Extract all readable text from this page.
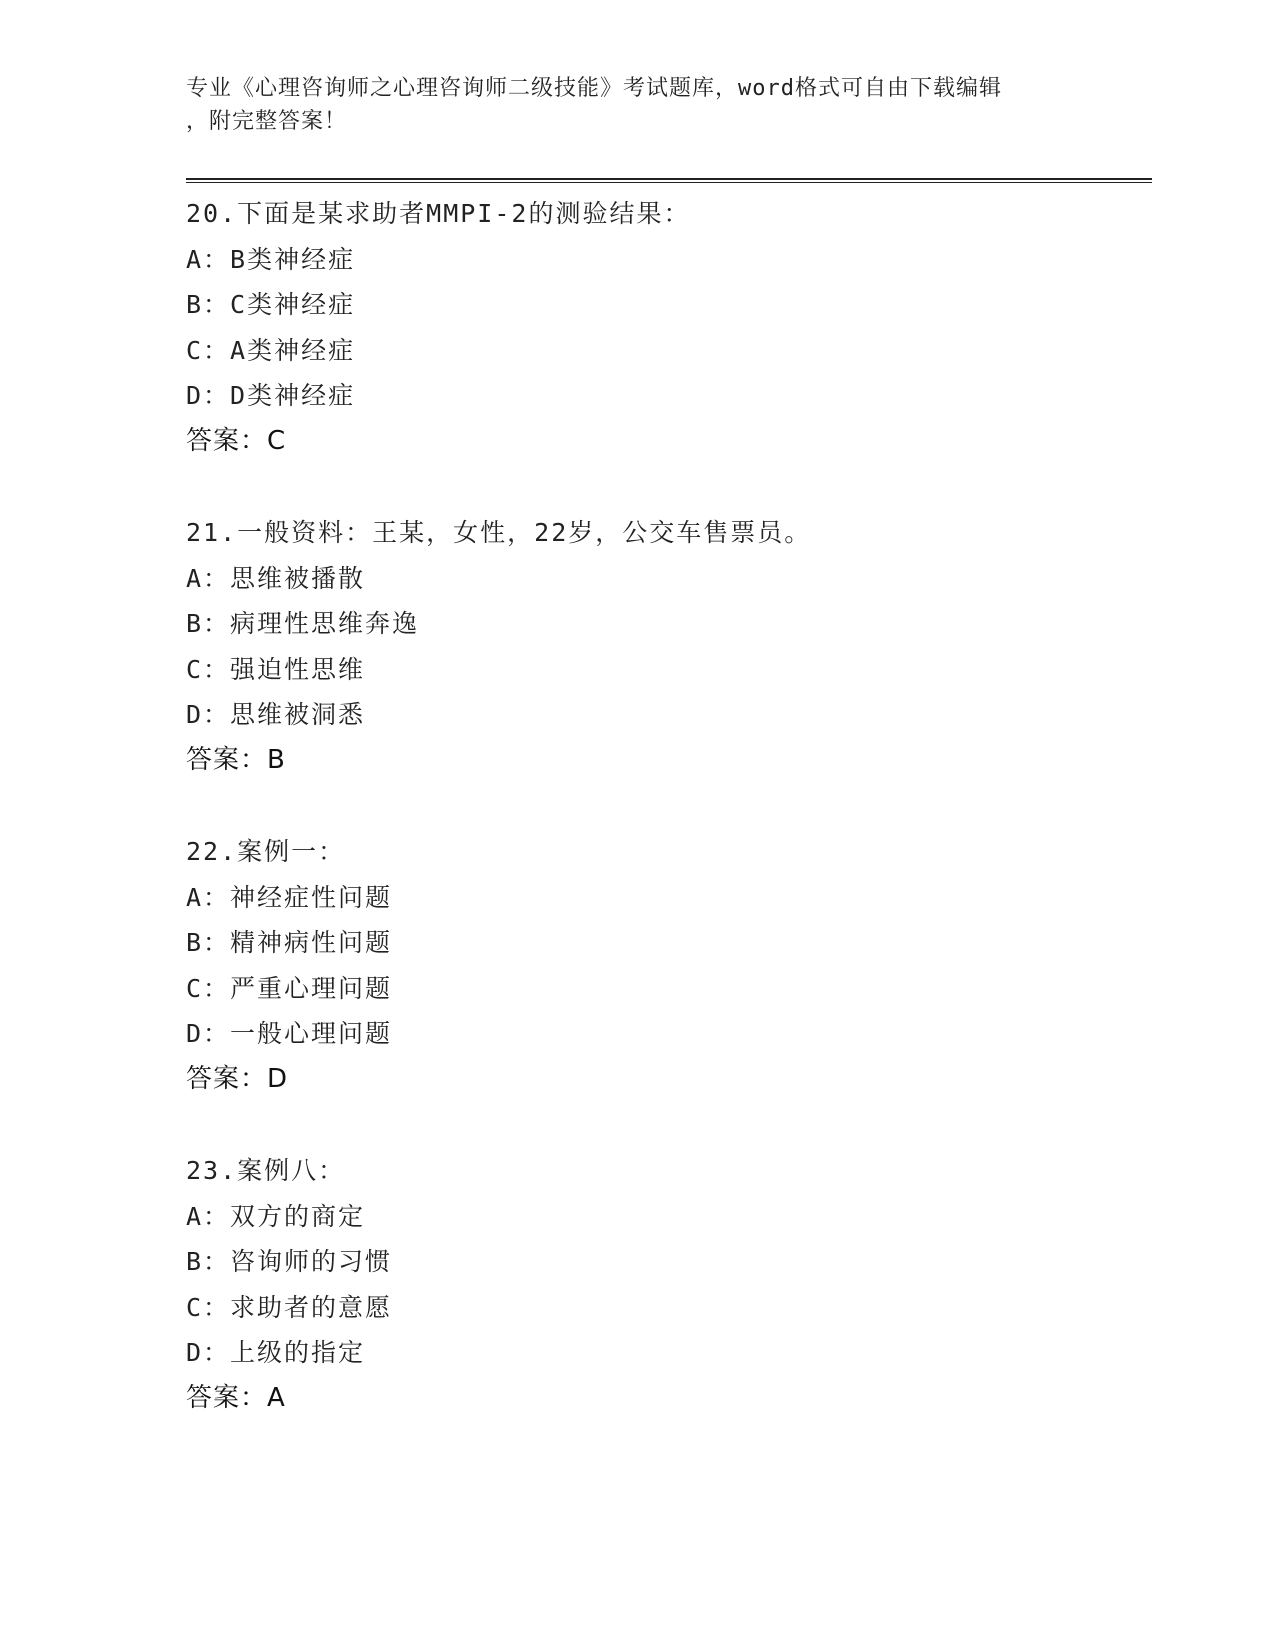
专业《心理咨询师之心理咨询师二级技能》考试题库，word格式可自由下载编辑
，附完整答案！
20.下面是某求助者MMPI-2的测验结果：
A：B类神经症
B：C类神经症
C：A类神经症
D：D类神经症
答案：C
21.一般资料：王某，女性，22岁，公交车售票员。
A：思维被播散
B：病理性思维奔逸
C：强迫性思维
D：思维被洞悉
答案：B
22.案例一：
A：神经症性问题
B：精神病性问题
C：严重心理问题
D：一般心理问题
答案：D
23.案例八：
A：双方的商定
B：咨询师的习惯
C：求助者的意愿
D：上级的指定
答案：A
